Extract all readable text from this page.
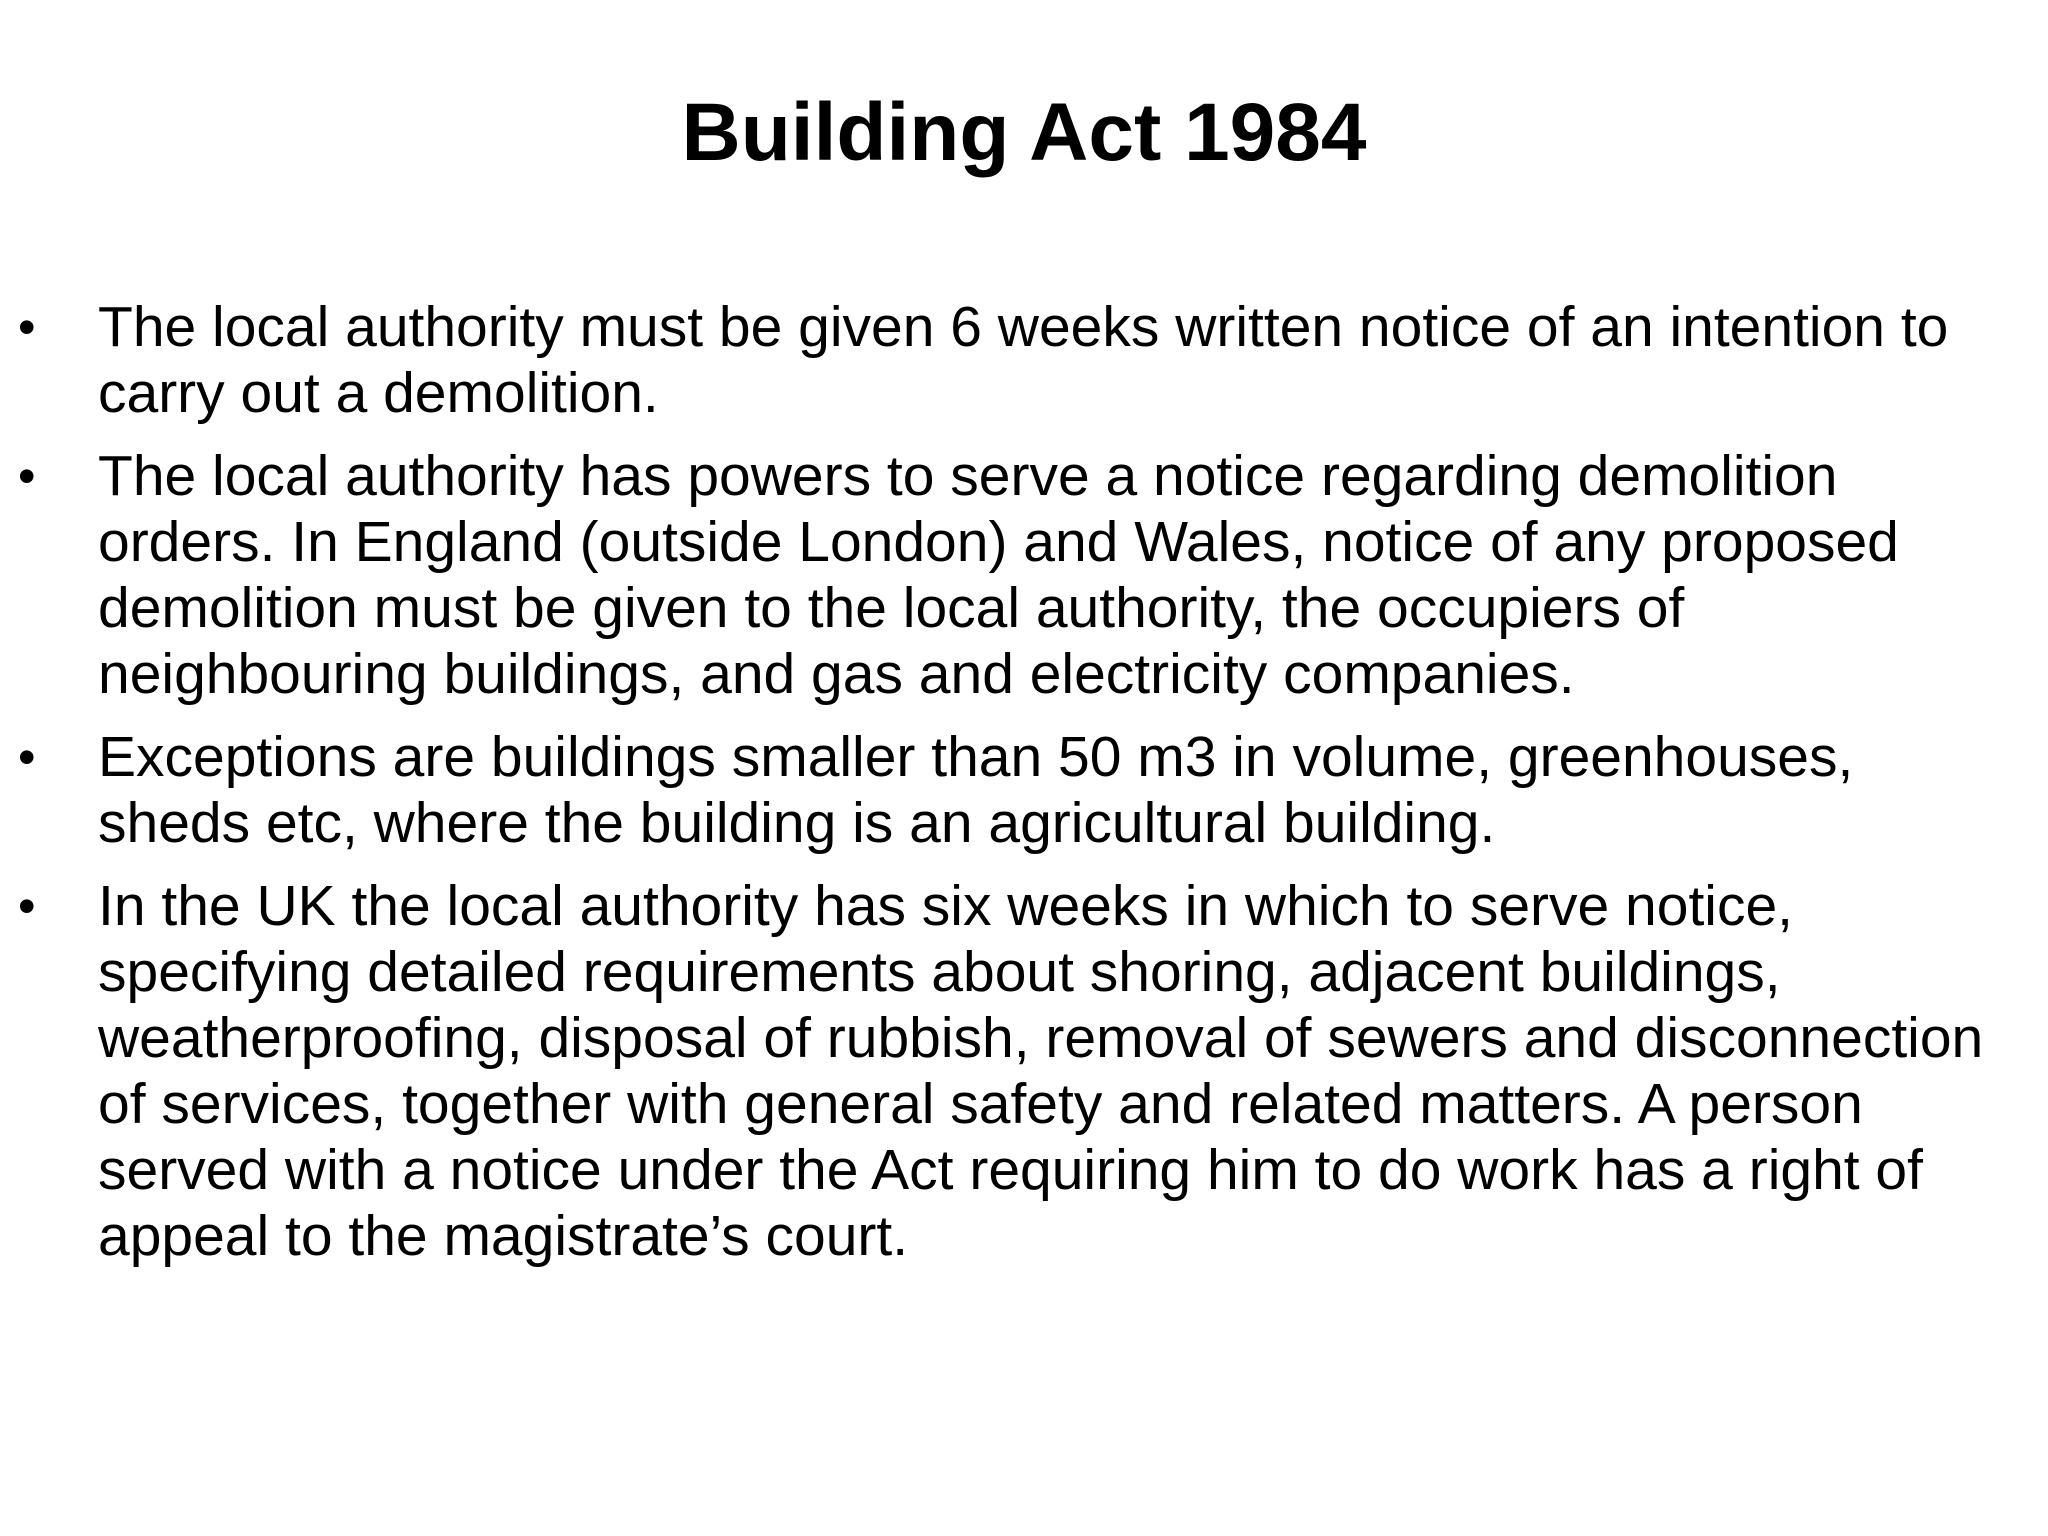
Building Act 1984
•	The local authority must be given 6 weeks written notice of an intention to carry out a demolition.
•	The local authority has powers to serve a notice regarding demolition orders. In England (outside London) and Wales, notice of any proposed demolition must be given to the local authority, the occupiers of neighbouring buildings, and gas and electricity companies.
•	Exceptions are buildings smaller than 50 m3 in volume, greenhouses, sheds etc, where the building is an agricultural building.
•	In the UK the local authority has six weeks in which to serve notice, specifying detailed requirements about shoring, adjacent buildings, weatherproofing, disposal of rubbish, removal of sewers and disconnection of services, together with general safety and related matters. A person served with a notice under the Act requiring him to do work has a right of appeal to the magistrate’s court.
